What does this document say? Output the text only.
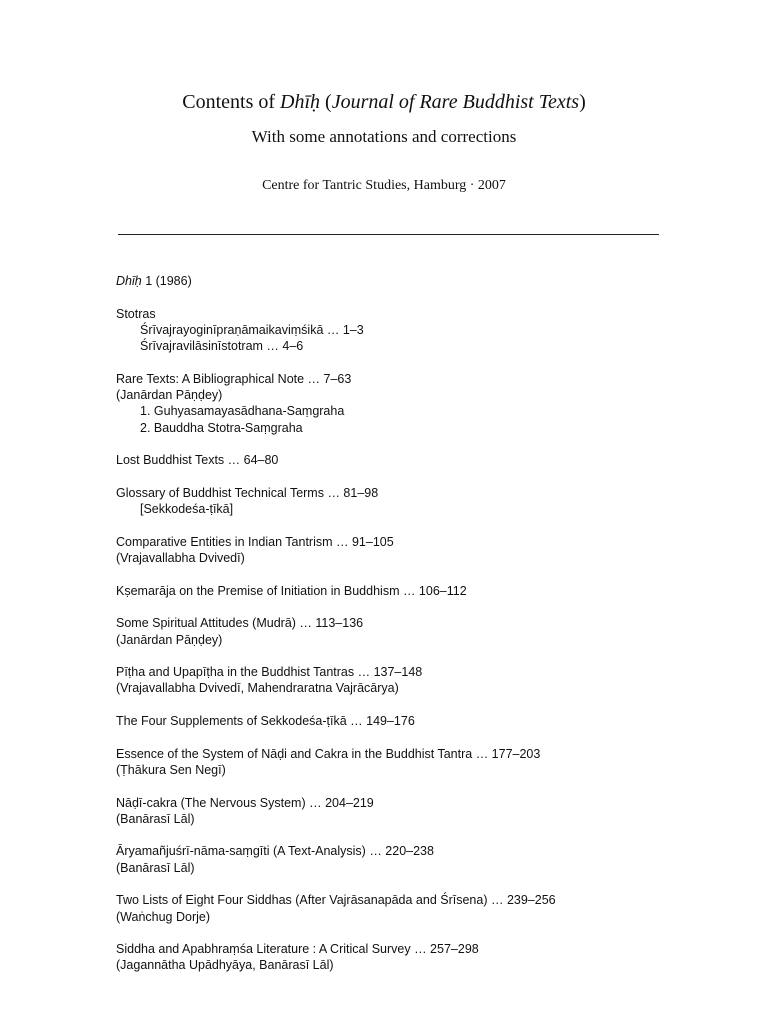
Contents of Dhīḥ (Journal of Rare Buddhist Texts)
With some annotations and corrections
Centre for Tantric Studies, Hamburg · 2007
Dhīḥ 1 (1986)
Stotras
Śrīvajrayoginīpraṇāmaikaviṃśikā … 1–3
Śrīvajravilāsinīstotram … 4–6
Rare Texts: A Bibliographical Note … 7–63
(Janārdan Pāṇḍey)
1. Guhyasamayasādhana-Saṃgraha
2. Bauddha Stotra-Saṃgraha
Lost Buddhist Texts … 64–80
Glossary of Buddhist Technical Terms … 81–98
[Sekkodeśa-ṭīkā]
Comparative Entities in Indian Tantrism … 91–105
(Vrajavallabha Dvivedī)
Kṣemarāja on the Premise of Initiation in Buddhism … 106–112
Some Spiritual Attitudes (Mudrā) … 113–136
(Janārdan Pāṇḍey)
Pīṭha and Upapīṭha in the Buddhist Tantras … 137–148
(Vrajavallabha Dvivedī, Mahendraratna Vajrācārya)
The Four Supplements of Sekkodeśa-ṭīkā … 149–176
Essence of the System of Nāḍi and Cakra in the Buddhist Tantra … 177–203
(Ṭhākura Sen Negī)
Nāḍī-cakra (The Nervous System) … 204–219
(Banārasī Lāl)
Āryamañjuśrī-nāma-saṃgīti (A Text-Analysis) … 220–238
(Banārasī Lāl)
Two Lists of Eight Four Siddhas (After Vajrāsanapāda and Śrīsena) … 239–256
(Waṅchug Dorje)
Siddha and Apabhraṃśa Literature : A Critical Survey … 257–298
(Jagannātha Upādhyāya, Banārasī Lāl)
